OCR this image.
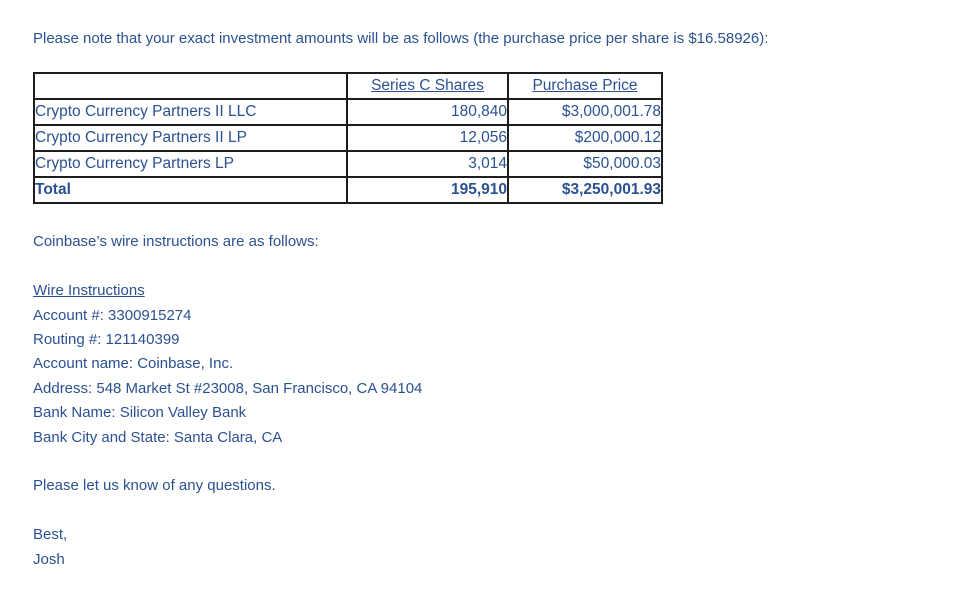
Please note that your exact investment amounts will be as follows (the purchase price per share is $16.58926):

	Series C Shares	Purchase Price
Crypto Currency Partners II LLC	180,840	$3,000,001.78
Crypto Currency Partners II LP	12,056	$200,000.12
Crypto Currency Partners LP	3,014	$50,000.03
Total	195,910	$3,250,001.93

Coinbase’s wire instructions are as follows:

Wire Instructions
Account #: 3300915274
Routing #: 121140399
Account name: Coinbase, Inc.
Address: 548 Market St #23008, San Francisco, CA 94104
Bank Name: Silicon Valley Bank
Bank City and State: Santa Clara, CA

Please let us know of any questions.

Best,
Josh
